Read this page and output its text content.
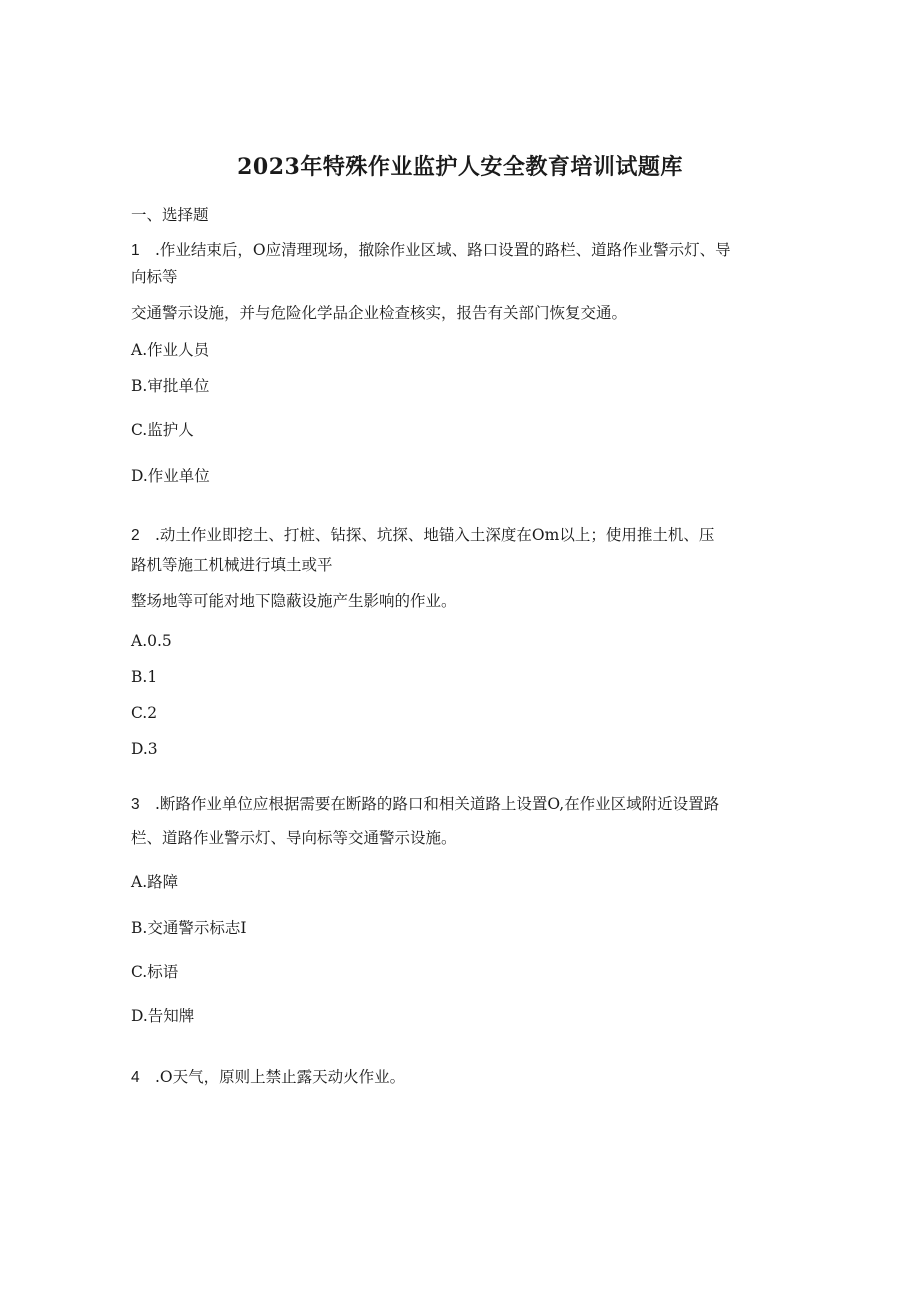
2023年特殊作业监护人安全教育培训试题库
一、选择题
1 .作业结束后，O应清理现场，撤除作业区域、路口设置的路栏、道路作业警示灯、导
向标等
交通警示设施，并与危险化学品企业检查核实，报告有关部门恢复交通。
A.作业人员
B.审批单位
C.监护人
D.作业单位
2 .动土作业即挖土、打桩、钻探、坑探、地锚入土深度在Om以上；使用推土机、压
路机等施工机械进行填土或平
整场地等可能对地下隐蔽设施产生影响的作业。
A.0.5
B.1
C.2
D.3
3 .断路作业单位应根据需要在断路的路口和相关道路上设置O,在作业区域附近设置路
栏、道路作业警示灯、导向标等交通警示设施。
A.路障
B.交通警示标志I
C.标语
D.告知牌
4 .O天气，原则上禁止露天动火作业。
